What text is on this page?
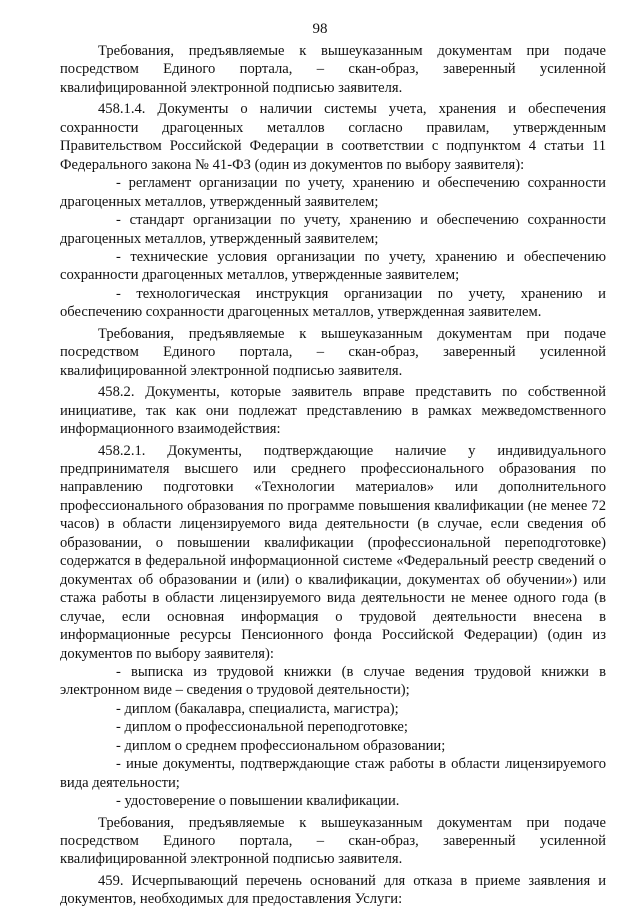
98

Требования, предъявляемые к вышеуказанным документам при подаче посредством Единого портала, – скан-образ, заверенный усиленной квалифицированной электронной подписью заявителя.

458.1.4. Документы о наличии системы учета, хранения и обеспечения сохранности драгоценных металлов согласно правилам, утвержденным Правительством Российской Федерации в соответствии с подпунктом 4 статьи 11 Федерального закона № 41-ФЗ (один из документов по выбору заявителя):

- регламент организации по учету, хранению и обеспечению сохранности драгоценных металлов, утвержденный заявителем;

- стандарт организации по учету, хранению и обеспечению сохранности драгоценных металлов, утвержденный заявителем;

- технические условия организации по учету, хранению и обеспечению сохранности драгоценных металлов, утвержденные заявителем;

- технологическая инструкция организации по учету, хранению и обеспечению сохранности драгоценных металлов, утвержденная заявителем.

Требования, предъявляемые к вышеуказанным документам при подаче посредством Единого портала, – скан-образ, заверенный усиленной квалифицированной электронной подписью заявителя.

458.2. Документы, которые заявитель вправе представить по собственной инициативе, так как они подлежат представлению в рамках межведомственного информационного взаимодействия:

458.2.1. Документы, подтверждающие наличие у индивидуального предпринимателя высшего или среднего профессионального образования по направлению подготовки «Технологии материалов» или дополнительного профессионального образования по программе повышения квалификации (не менее 72 часов) в области лицензируемого вида деятельности (в случае, если сведения об образовании, о повышении квалификации (профессиональной переподготовке) содержатся в федеральной информационной системе «Федеральный реестр сведений о документах об образовании и (или) о квалификации, документах об обучении») или стажа работы в области лицензируемого вида деятельности не менее одного года (в случае, если основная информация о трудовой деятельности внесена в информационные ресурсы Пенсионного фонда Российской Федерации) (один из документов по выбору заявителя):

- выписка из трудовой книжки (в случае ведения трудовой книжки в электронном виде – сведения о трудовой деятельности);

- диплом (бакалавра, специалиста, магистра);

- диплом о профессиональной переподготовке;

- диплом о среднем профессиональном образовании;

- иные документы, подтверждающие стаж работы в области лицензируемого вида деятельности;

- удостоверение о повышении квалификации.

Требования, предъявляемые к вышеуказанным документам при подаче посредством Единого портала, – скан-образ, заверенный усиленной квалифицированной электронной подписью заявителя.

459. Исчерпывающий перечень оснований для отказа в приеме заявления и документов, необходимых для предоставления Услуги:
